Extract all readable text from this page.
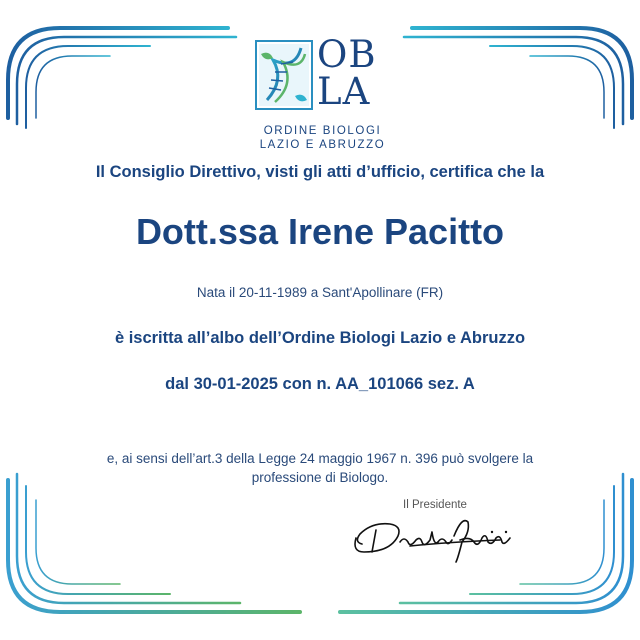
OB
LA
ORDINE BIOLOGI
LAZIO E ABRUZZO

Il Consiglio Direttivo, visti gli atti d’ufficio, certifica che la

Dott.ssa Irene Pacitto

Nata il 20-11-1989 a Sant'Apollinare (FR)

è iscritta all’albo dell’Ordine Biologi Lazio e Abruzzo

dal 30-01-2025 con n. AA_101066 sez. A

e, ai sensi dell’art.3 della Legge 24 maggio 1967 n. 396 può svolgere la
professione di Biologo.
Il Presidente
